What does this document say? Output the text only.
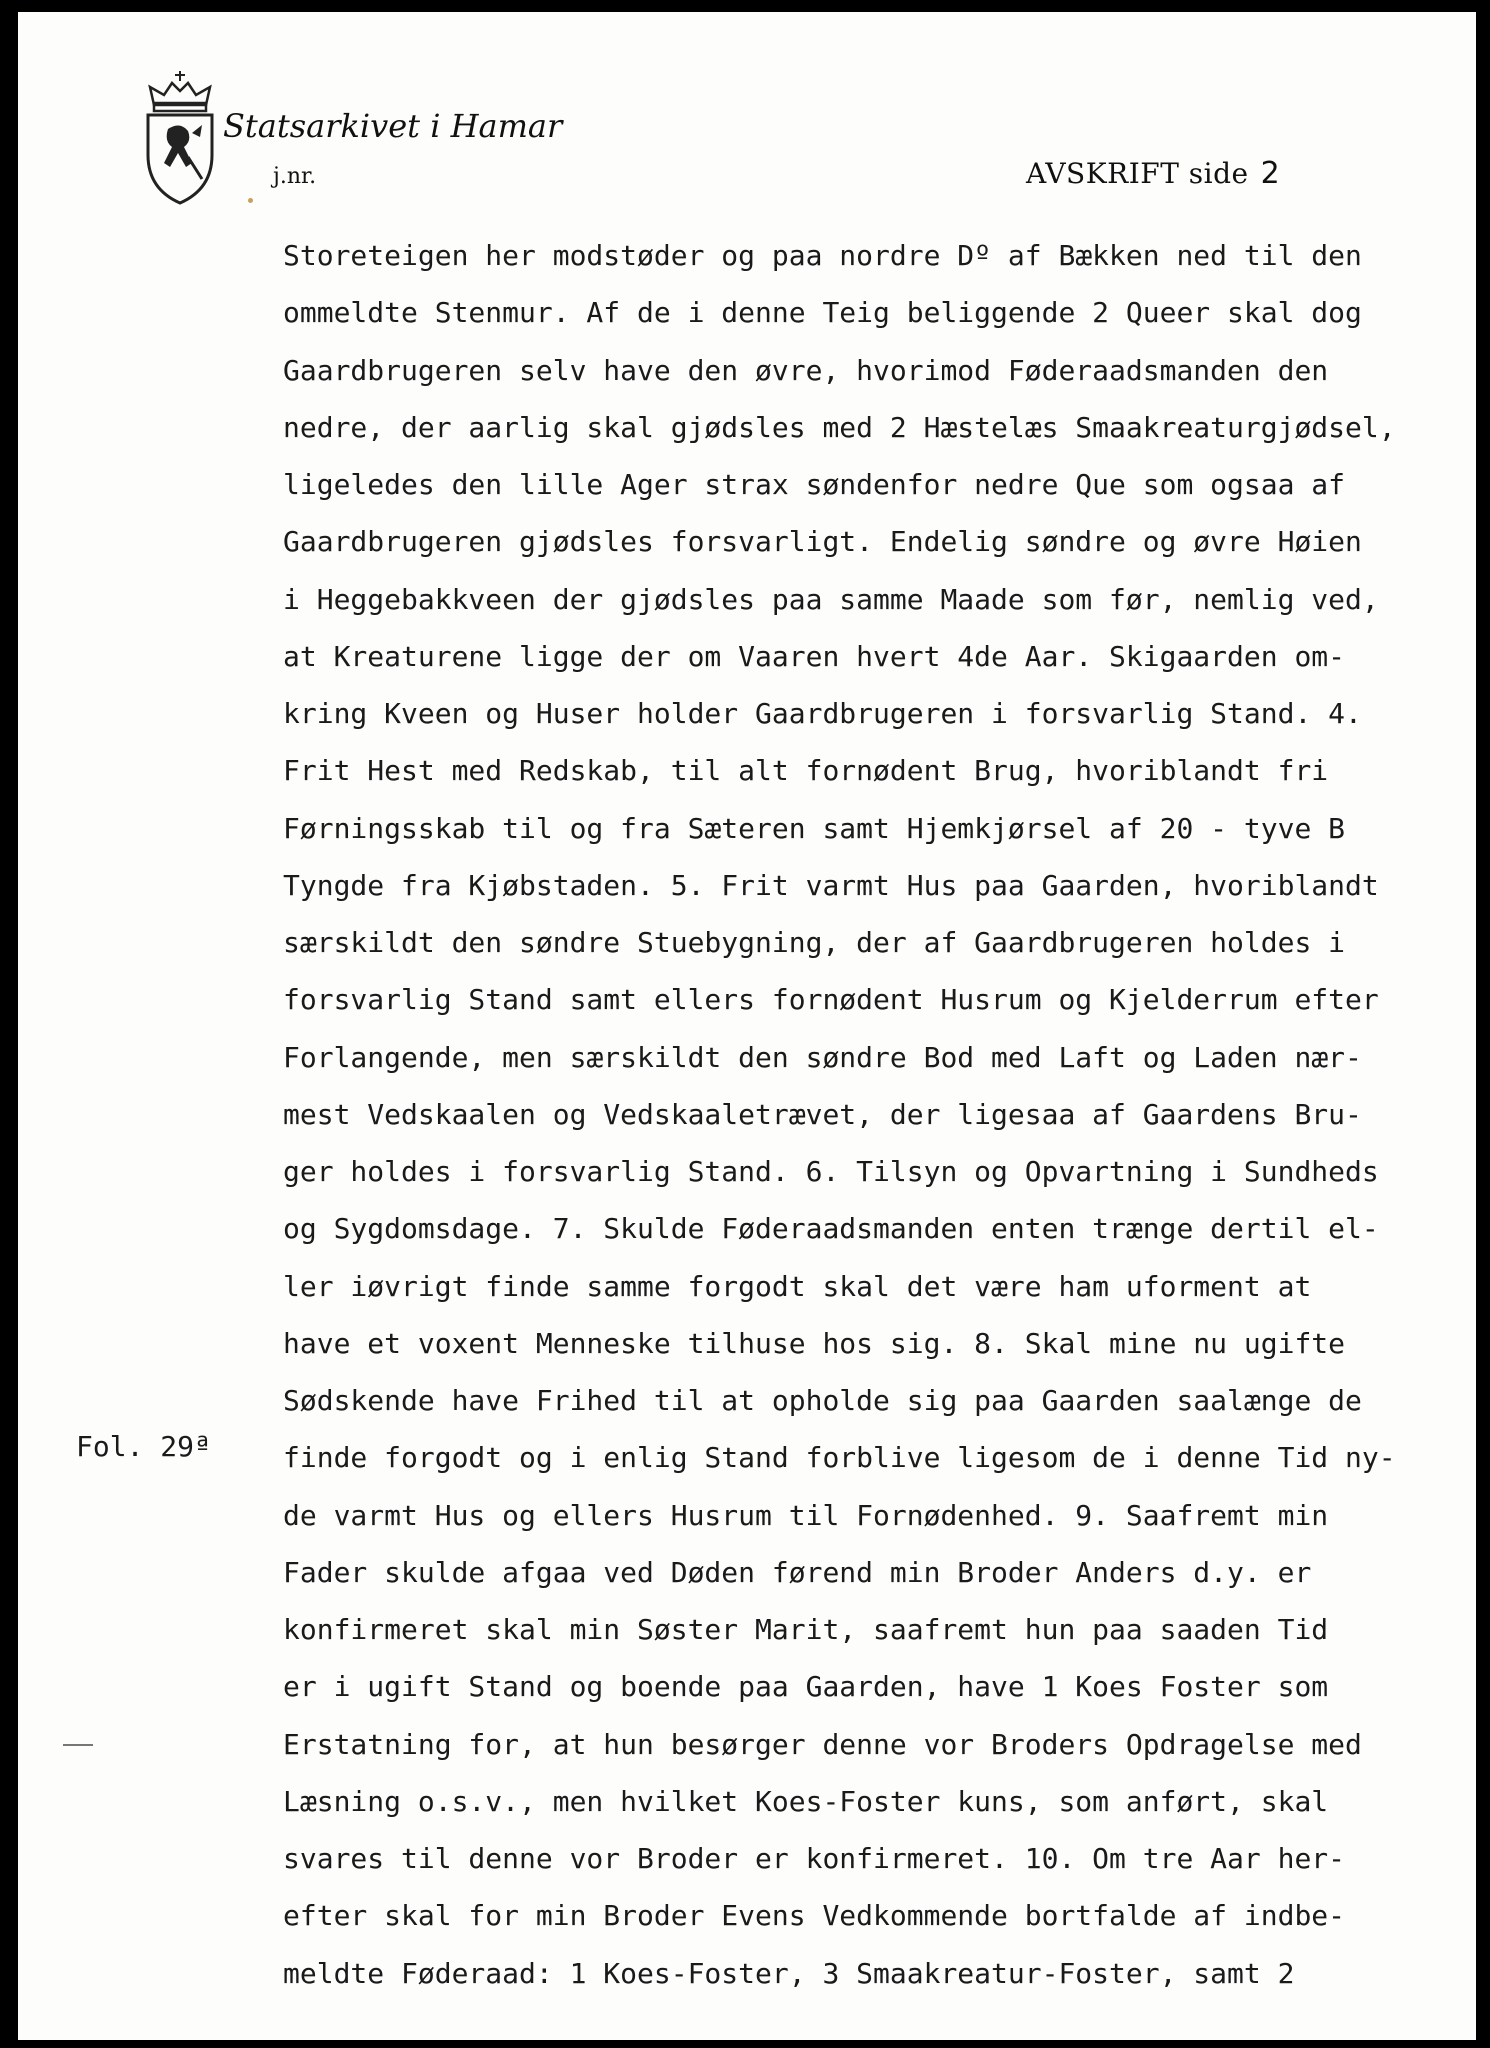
Statsarkivet i Hamar
j.nr.	AVSKRIFT side 2
Fol. 29ª
Storeteigen her modstøder og paa nordre Dº af Bækken ned til den
ommeldte Stenmur. Af de i denne Teig beliggende 2 Queer skal dog
Gaardbrugeren selv have den øvre, hvorimod Føderaadsmanden den
nedre, der aarlig skal gjødsles med 2 Hæstelæs Smaakreaturgjødsel,
ligeledes den lille Ager strax søndenfor nedre Que som ogsaa af
Gaardbrugeren gjødsles forsvarligt. Endelig søndre og øvre Høien
i Heggebakkveen der gjødsles paa samme Maade som før, nemlig ved,
at Kreaturene ligge der om Vaaren hvert 4de Aar. Skigaarden om-
kring Kveen og Huser holder Gaardbrugeren i forsvarlig Stand. 4.
Frit Hest med Redskab, til alt fornødent Brug, hvoriblandt fri
Førningsskab til og fra Sæteren samt Hjemkjørsel af 20 - tyve B
Tyngde fra Kjøbstaden. 5. Frit varmt Hus paa Gaarden, hvoriblandt
særskildt den søndre Stuebygning, der af Gaardbrugeren holdes i
forsvarlig Stand samt ellers fornødent Husrum og Kjelderrum efter
Forlangende, men særskildt den søndre Bod med Laft og Laden nær-
mest Vedskaalen og Vedskaaletrævet, der ligesaa af Gaardens Bru-
ger holdes i forsvarlig Stand. 6. Tilsyn og Opvartning i Sundheds
og Sygdomsdage. 7. Skulde Føderaadsmanden enten trænge dertil el-
ler iøvrigt finde samme forgodt skal det være ham uforment at
have et voxent Menneske tilhuse hos sig. 8. Skal mine nu ugifte
Sødskende have Frihed til at opholde sig paa Gaarden saalænge de
finde forgodt og i enlig Stand forblive ligesom de i denne Tid ny-
de varmt Hus og ellers Husrum til Fornødenhed. 9. Saafremt min
Fader skulde afgaa ved Døden førend min Broder Anders d.y. er
konfirmeret skal min Søster Marit, saafremt hun paa saaden Tid
er i ugift Stand og boende paa Gaarden, have 1 Koes Foster som
Erstatning for, at hun besørger denne vor Broders Opdragelse med
Læsning o.s.v., men hvilket Koes-Foster kuns, som anført, skal
svares til denne vor Broder er konfirmeret. 10. Om tre Aar her-
efter skal for min Broder Evens Vedkommende bortfalde af indbe-
meldte Føderaad: 1 Koes-Foster, 3 Smaakreatur-Foster, samt 2
